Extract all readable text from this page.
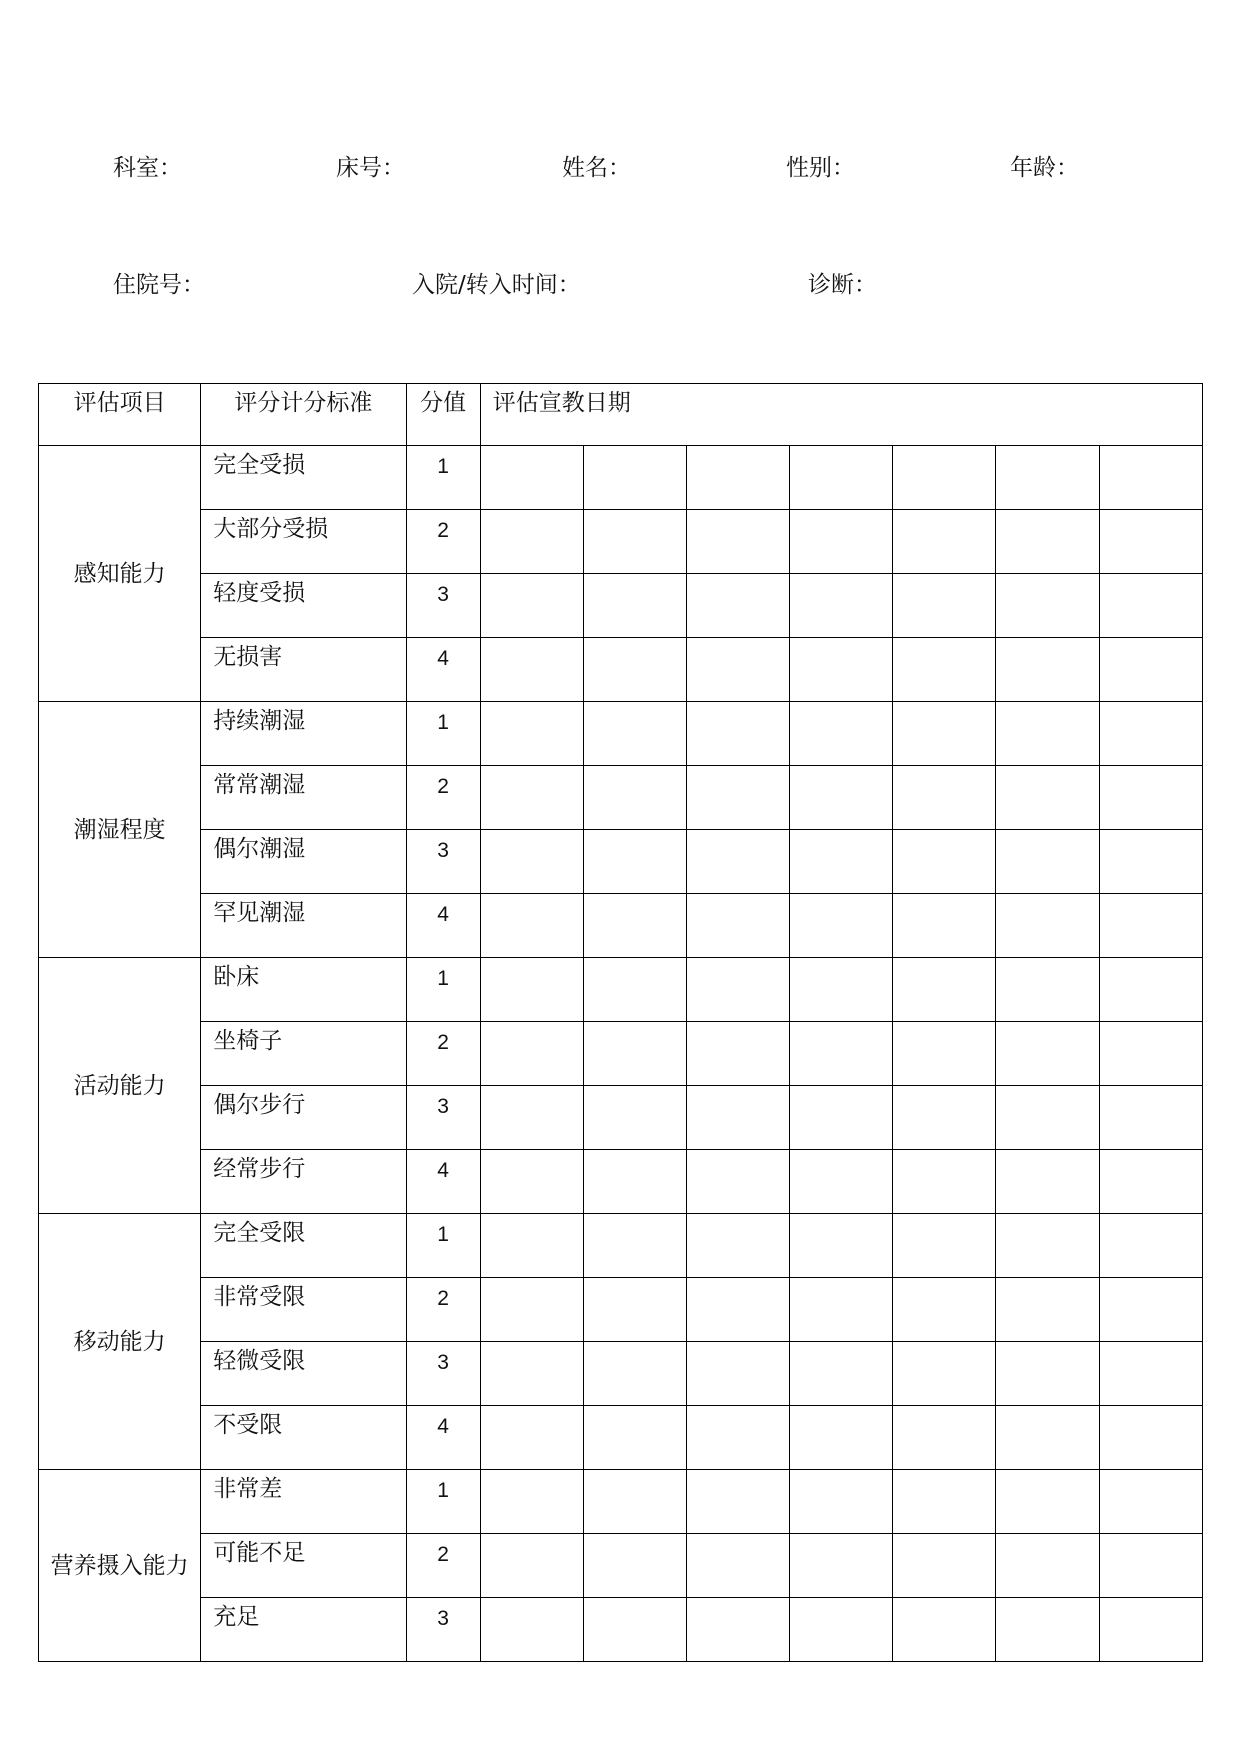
科室：	床号：	姓名：	性别：	年龄：
住院号：	入院/转入时间：	诊断：
评估项目	评分计分标准	分值	评估宣教日期						
感知能力	完全受损	1							
	大部分受损	2							
	轻度受损	3							
	无损害	4							
潮湿程度	持续潮湿	1							
	常常潮湿	2							
	偶尔潮湿	3							
	罕见潮湿	4							
活动能力	卧床	1							
	坐椅子	2							
	偶尔步行	3							
	经常步行	4							
移动能力	完全受限	1							
	非常受限	2							
	轻微受限	3							
	不受限	4							
营养摄入能力	非常差	1							
	可能不足	2							
	充足	3							
